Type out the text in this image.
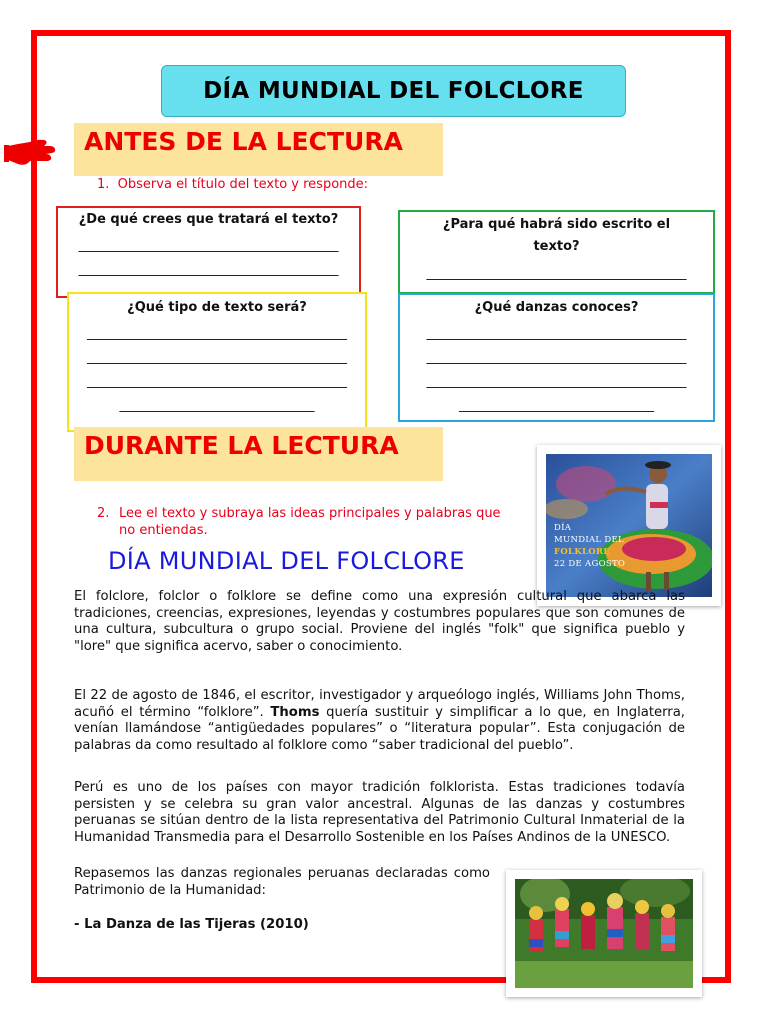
DÍA MUNDIAL DEL FOLCLORE
ANTES DE LA LECTURA
1. Observa el título del texto y responde:
¿De qué crees que tratará el texto?
________________________________________
________________________________________
¿Para qué habrá sido escrito el texto?
________________________________________
¿Qué tipo de texto será?
________________________________________
________________________________________
________________________________________
______________________________
¿Qué danzas conoces?
________________________________________
________________________________________
________________________________________
______________________________
DURANTE LA LECTURA
2. Lee el texto y subraya las ideas principales y palabras que no entiendas.
DÍA MUNDIAL DEL FOLCLORE
DÍA
MUNDIAL DEL
FOLKLORE
22 DE AGOSTO
El folclore, folclor o folklore se define como una expresión cultural que abarca las tradiciones, creencias, expresiones, leyendas y costumbres populares que son comunes de una cultura, subcultura o grupo social. Proviene del inglés "folk" que significa pueblo y "lore" que significa acervo, saber o conocimiento.
El 22 de agosto de 1846, el escritor, investigador y arqueólogo inglés, Williams John Thoms, acuñó el término “folklore”. Thoms quería sustituir y simplificar a lo que, en Inglaterra, venían llamándose “antigüedades populares” o “literatura popular”. Esta conjugación de palabras da como resultado al folklore como “saber tradicional del pueblo”.
Perú es uno de los países con mayor tradición folklorista. Estas tradiciones todavía persisten y se celebra su gran valor ancestral. Algunas de las danzas y costumbres peruanas se sitúan dentro de la lista representativa del Patrimonio Cultural Inmaterial de la Humanidad Transmedia para el Desarrollo Sostenible en los Países Andinos de la UNESCO.
Repasemos las danzas regionales peruanas declaradas como Patrimonio de la Humanidad:
- La Danza de las Tijeras (2010)
